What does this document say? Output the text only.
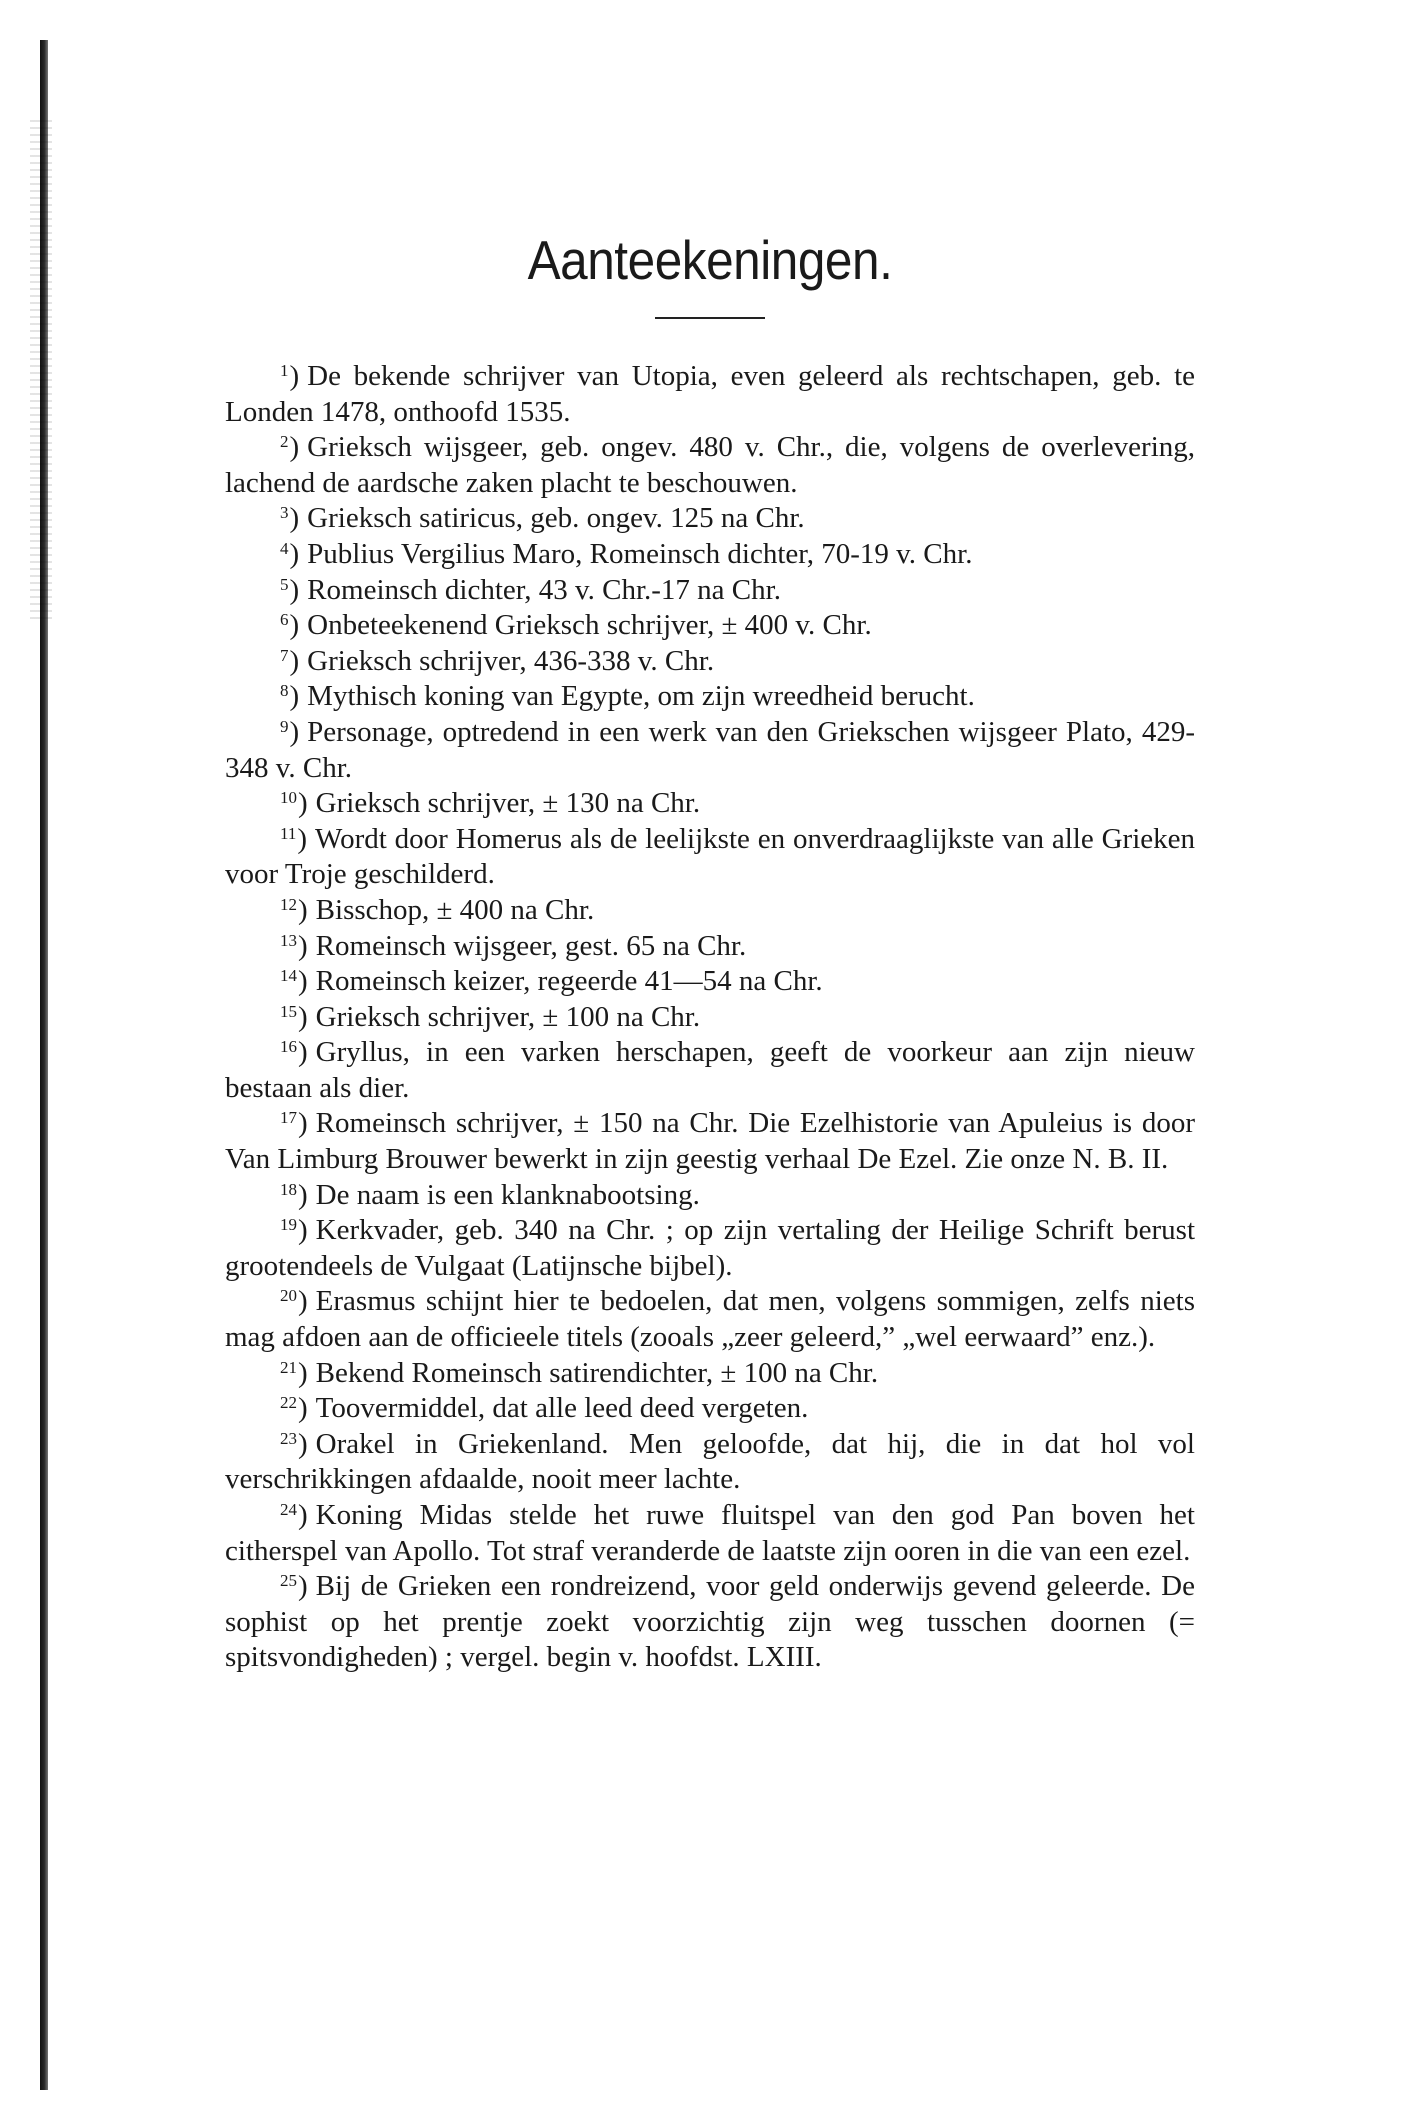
Aanteekeningen.

$^1$) De bekende schrijver van Utopia, even geleerd als rechtschapen, geb. te Londen 1478, onthoofd 1535.

$^2$) Grieksch wijsgeer, geb. ongev. 480 v. Chr., die, volgens de overlevering, lachend de aardsche zaken placht te beschouwen.

$^3$) Grieksch satiricus, geb. ongev. 125 na Chr.

$^4$) Publius Vergilius Maro, Romeinsch dichter, 70-19 v. Chr.

$^5$) Romeinsch dichter, 43 v. Chr.-17 na Chr.

$^6$) Onbeteekenend Grieksch schrijver, ± 400 v. Chr.

$^7$) Grieksch schrijver, 436-338 v. Chr.

$^8$) Mythisch koning van Egypte, om zijn wreedheid berucht.

$^9$) Personage, optredend in een werk van den Griekschen wijsgeer Plato, 429-348 v. Chr.

$^{10}$) Grieksch schrijver, ± 130 na Chr.

$^{11}$) Wordt door Homerus als de leelijkste en onverdraaglijkste van alle Grieken voor Troje geschilderd.

$^{12}$) Bisschop, ± 400 na Chr.

$^{13}$) Romeinsch wijsgeer, gest. 65 na Chr.

$^{14}$) Romeinsch keizer, regeerde 41—54 na Chr.

$^{15}$) Grieksch schrijver, ± 100 na Chr.

$^{16}$) Gryllus, in een varken herschapen, geeft de voorkeur aan zijn nieuw bestaan als dier.

$^{17}$) Romeinsch schrijver, ± 150 na Chr. Die Ezelhistorie van Apuleius is door Van Limburg Brouwer bewerkt in zijn geestig verhaal De Ezel. Zie onze N. B. II.

$^{18}$) De naam is een klanknabootsing.

$^{19}$) Kerkvader, geb. 340 na Chr. ; op zijn vertaling der Heilige Schrift berust grootendeels de Vulgaat (Latijnsche bijbel).

$^{20}$) Erasmus schijnt hier te bedoelen, dat men, volgens sommigen, zelfs niets mag afdoen aan de officieele titels (zooals „zeer geleerd,” „wel eerwaard” enz.).

$^{21}$) Bekend Romeinsch satirendichter, ± 100 na Chr.

$^{22}$) Toovermiddel, dat alle leed deed vergeten.

$^{23}$) Orakel in Griekenland. Men geloofde, dat hij, die in dat hol vol verschrikkingen afdaalde, nooit meer lachte.

$^{24}$) Koning Midas stelde het ruwe fluitspel van den god Pan boven het citherspel van Apollo. Tot straf veranderde de laatste zijn ooren in die van een ezel.

$^{25}$) Bij de Grieken een rondreizend, voor geld onderwijs gevend geleerde. De sophist op het prentje zoekt voorzichtig zijn weg tusschen doornen (= spitsvondigheden) ; vergel. begin v. hoofdst. LXIII.
